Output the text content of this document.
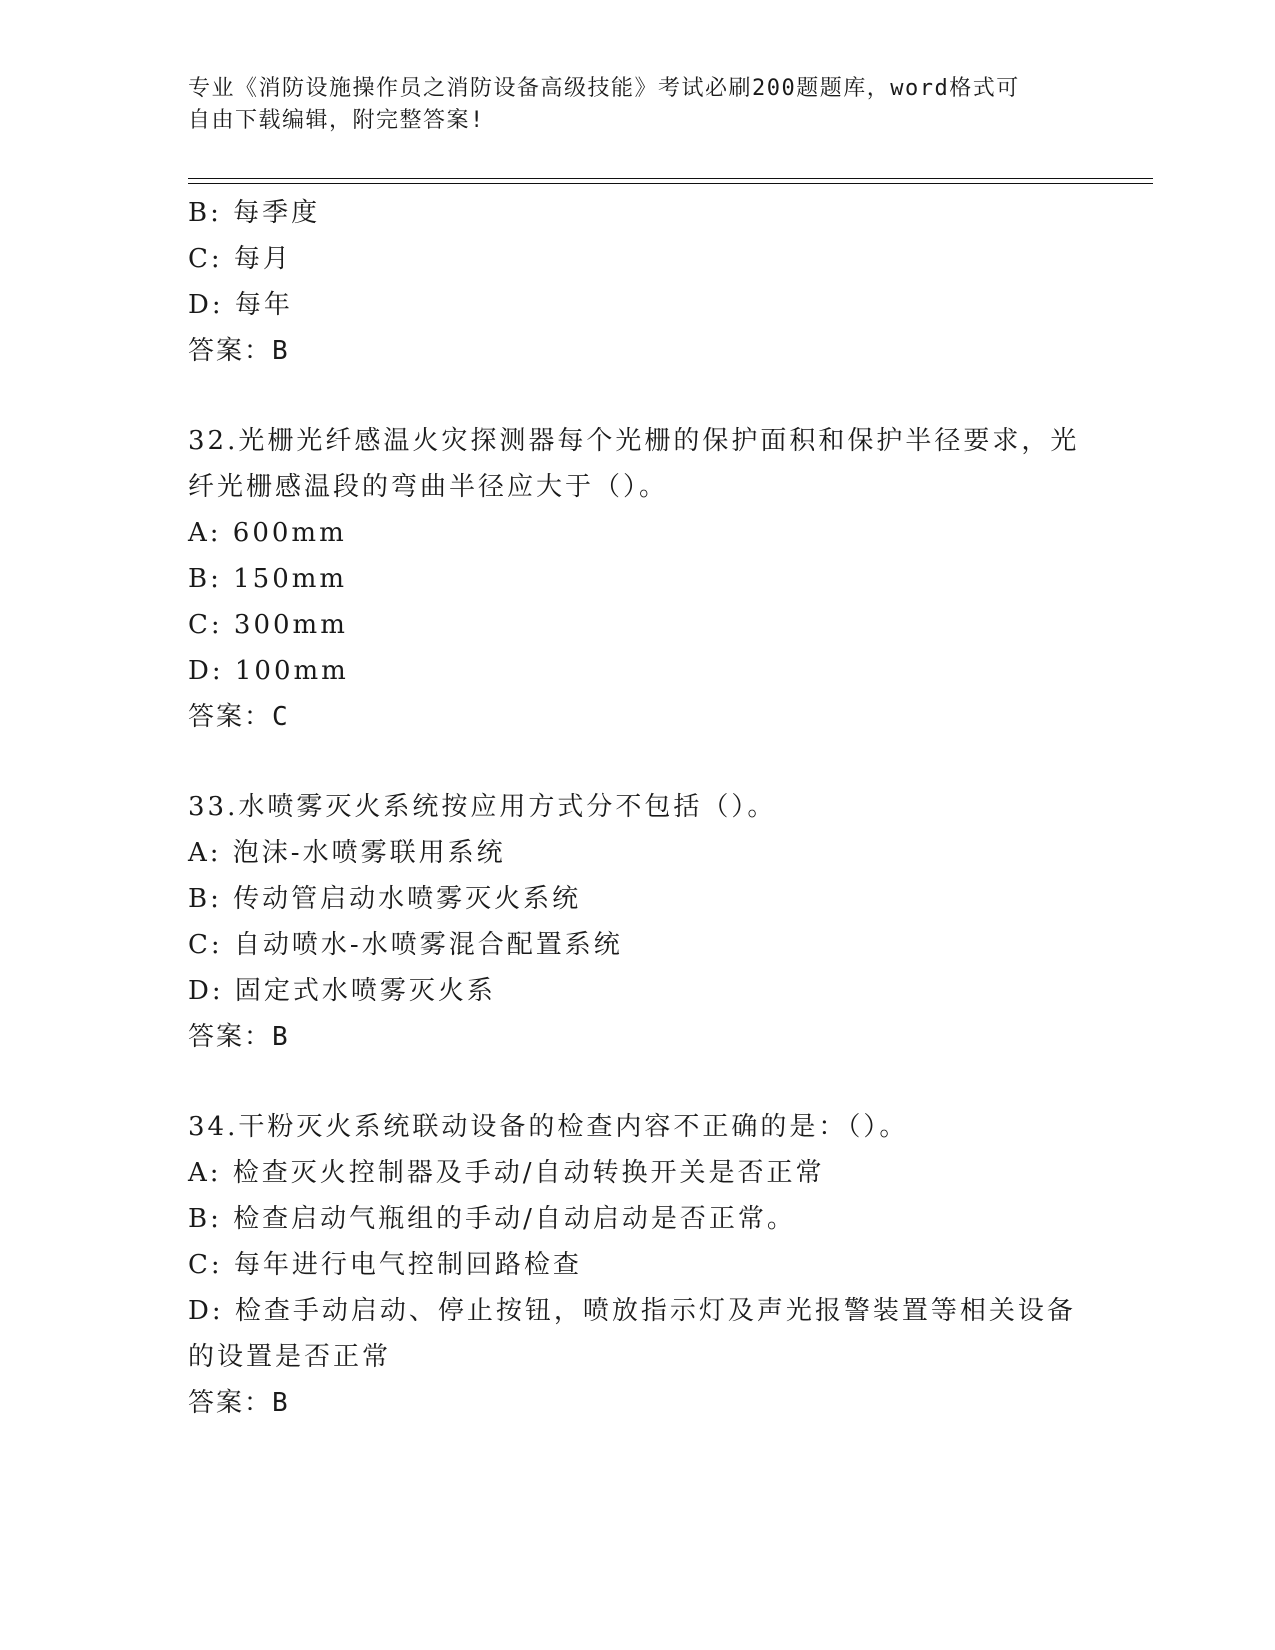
专业《消防设施操作员之消防设备高级技能》考试必刷200题题库，word格式可
自由下载编辑，附完整答案!
B: 每季度
C: 每月
D: 每年
答案：B
32.光栅光纤感温火灾探测器每个光栅的保护面积和保护半径要求，光纤光栅感温段的弯曲半径应大于（）。
A: 600mm
B: 150mm
C: 300mm
D: 100mm
答案：C
33.水喷雾灭火系统按应用方式分不包括（）。
A: 泡沫-水喷雾联用系统
B: 传动管启动水喷雾灭火系统
C: 自动喷水-水喷雾混合配置系统
D: 固定式水喷雾灭火系
答案：B
34.干粉灭火系统联动设备的检查内容不正确的是：（）。
A: 检查灭火控制器及手动/自动转换开关是否正常
B: 检查启动气瓶组的手动/自动启动是否正常。
C: 每年进行电气控制回路检查
D: 检查手动启动、停止按钮，喷放指示灯及声光报警装置等相关设备的设置是否正常
答案：B
